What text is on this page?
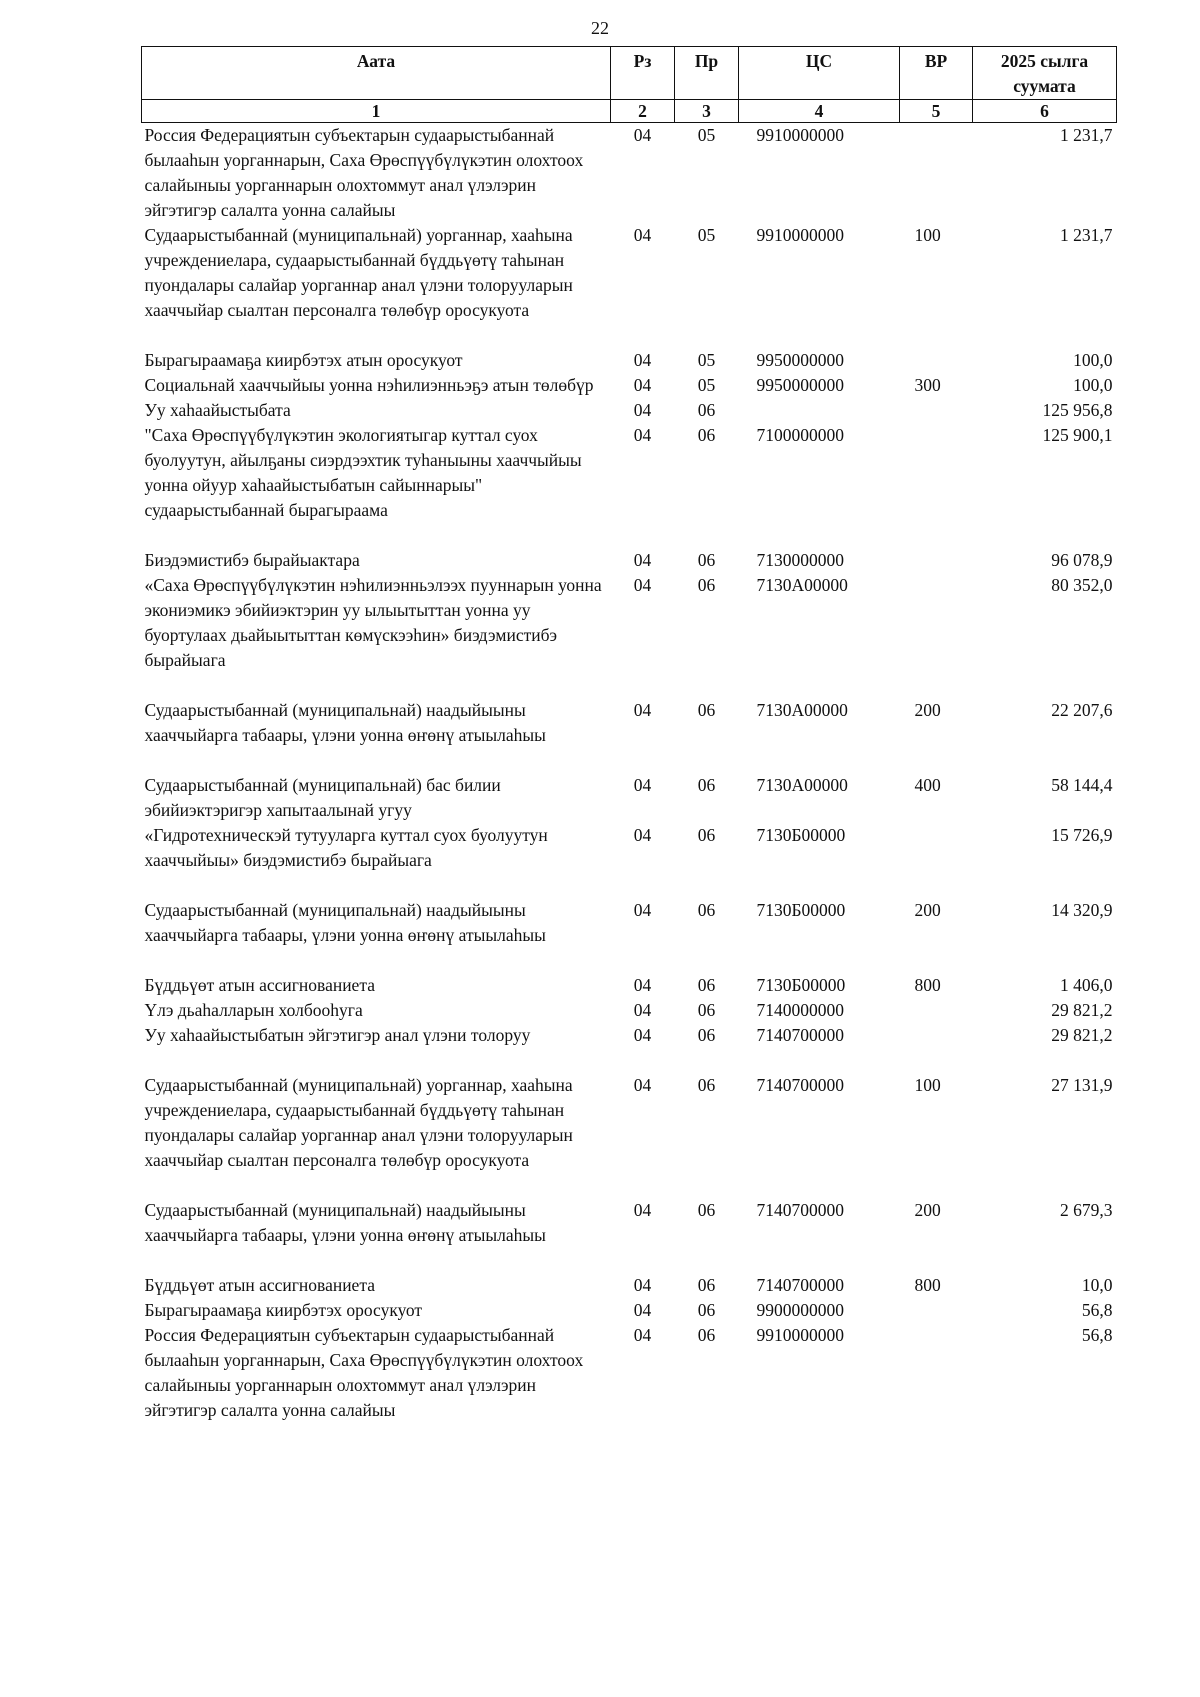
22
Аата	Рз	Пр	ЦС	ВР	2025 сылга суумата
1	2	3	4	5	6
Россия Федерациятын субъектарын судаарыстыбаннай былааһын уорганнарын, Саха Өрөспүүбүлүкэтин олохтоох салайыныы уорганнарын олохтоммут анал үлэлэрин эйгэтигэр салалта уонна салайыы	04	05	9910000000		1 231,7
Судаарыстыбаннай (муниципальнай) уорганнар, хааһына учреждениелара, судаарыстыбаннай бүддьүөтү таһынан пуондалары салайар уорганнар анал үлэни толорууларын хааччыйар сыалтан персоналга төлөбүр оросукуота	04	05	9910000000	100	1 231,7
Бырагыраамаҕа киирбэтэх атын оросукуот	04	05	9950000000		100,0
Социальнай хааччыйыы уонна нэһилиэнньэҕэ атын төлөбүр	04	05	9950000000	300	100,0
Уу хаһаайыстыбата	04	06			125 956,8
"Саха Өрөспүүбүлүкэтин экологиятыгар куттал суох буолуутун, айылҕаны сиэрдээхтик туһаныыны хааччыйыы уонна ойуур хаһаайыстыбатын сайыннарыы" судаарыстыбаннай бырагыраама	04	06	7100000000		125 900,1
Биэдэмистибэ бырайыактара	04	06	7130000000		96 078,9
«Саха Өрөспүүбүлүкэтин нэһилиэнньэлээх пууннарын уонна экониэмикэ эбийиэктэрин уу ылыытыттан уонна уу буортулаах дьайыытыттан көмүскээһин» биэдэмистибэ бырайыага	04	06	7130А00000		80 352,0
Судаарыстыбаннай (муниципальнай) наадыйыыны хааччыйарга табаары, үлэни уонна өҥөнү атыылаһыы	04	06	7130А00000	200	22 207,6
Судаарыстыбаннай (муниципальнай) бас билии эбийиэктэригэр хапытаалынай угуу	04	06	7130А00000	400	58 144,4
«Гидротехническэй тутууларга куттал суох буолуутун хааччыйыы» биэдэмистибэ бырайыага	04	06	7130Б00000		15 726,9
Судаарыстыбаннай (муниципальнай) наадыйыыны хааччыйарга табаары, үлэни уонна өҥөнү атыылаһыы	04	06	7130Б00000	200	14 320,9
Бүддьүөт атын ассигнованиета	04	06	7130Б00000	800	1 406,0
Үлэ дьаһалларын холбооһуга	04	06	7140000000		29 821,2
Уу хаһаайыстыбатын эйгэтигэр анал үлэни толоруу	04	06	7140700000		29 821,2
Судаарыстыбаннай (муниципальнай) уорганнар, хааһына учреждениелара, судаарыстыбаннай бүддьүөтү таһынан пуондалары салайар уорганнар анал үлэни толорууларын хааччыйар сыалтан персоналга төлөбүр оросукуота	04	06	7140700000	100	27 131,9
Судаарыстыбаннай (муниципальнай) наадыйыыны хааччыйарга табаары, үлэни уонна өҥөнү атыылаһыы	04	06	7140700000	200	2 679,3
Бүддьүөт атын ассигнованиета	04	06	7140700000	800	10,0
Бырагыраамаҕа киирбэтэх оросукуот	04	06	9900000000		56,8
Россия Федерациятын субъектарын судаарыстыбаннай былааһын уорганнарын, Саха Өрөспүүбүлүкэтин олохтоох салайыныы уорганнарын олохтоммут анал үлэлэрин эйгэтигэр салалта уонна салайыы	04	06	9910000000		56,8
